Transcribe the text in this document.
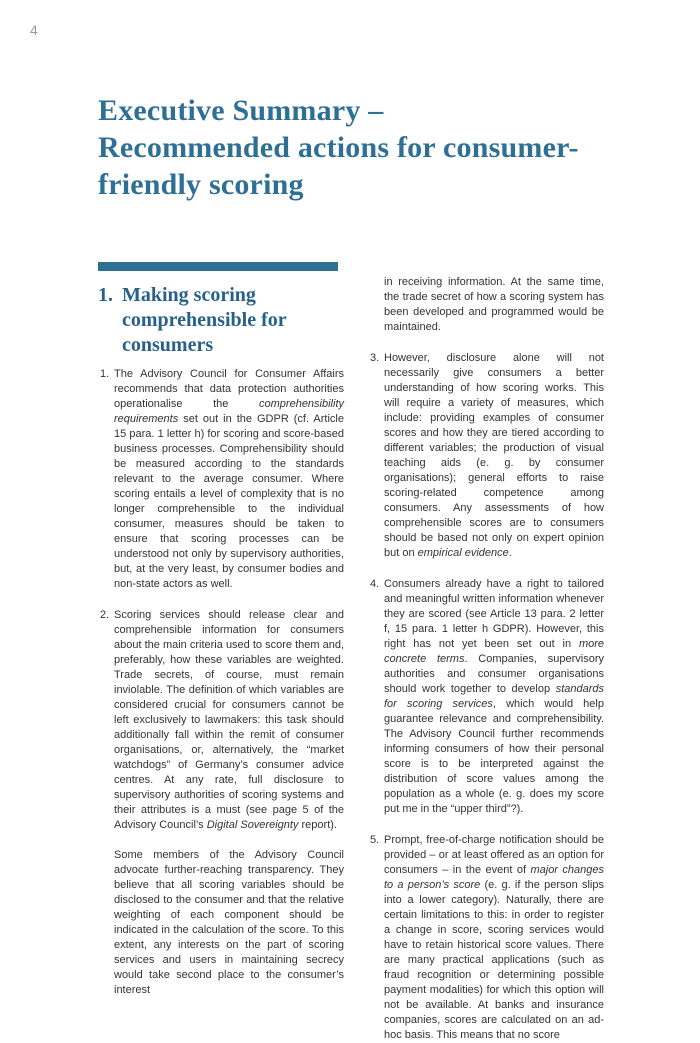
4
Executive Summary –
Recommended actions for consumer-
friendly scoring
1. Making scoring comprehensible for consumers
1. The Advisory Council for Consumer Affairs recommends that data protection authorities operationalise the comprehensibility requirements set out in the GDPR (cf. Article 15 para. 1 letter h) for scoring and score-based business processes. Comprehensibility should be measured according to the standards relevant to the average consumer. Where scoring entails a level of complexity that is no longer comprehensible to the individual consumer, measures should be taken to ensure that scoring processes can be understood not only by supervisory authorities, but, at the very least, by consumer bodies and non-state actors as well.

2. Scoring services should release clear and comprehensible information for consumers about the main criteria used to score them and, preferably, how these variables are weighted. Trade secrets, of course, must remain inviolable. The definition of which variables are considered crucial for consumers cannot be left exclusively to lawmakers: this task should additionally fall within the remit of consumer organisations, or, alternatively, the “market watchdogs” of Germany’s consumer advice centres. At any rate, full disclosure to supervisory authorities of scoring systems and their attributes is a must (see page 5 of the Advisory Council’s Digital Sovereignty report).

Some members of the Advisory Council advocate further-reaching transparency. They believe that all scoring variables should be disclosed to the consumer and that the relative weighting of each component should be indicated in the calculation of the score. To this extent, any interests on the part of scoring services and users in maintaining secrecy would take second place to the consumer’s interest

in receiving information. At the same time, the trade secret of how a scoring system has been developed and programmed would be maintained.

3. However, disclosure alone will not necessarily give consumers a better understanding of how scoring works. This will require a variety of measures, which include: providing examples of consumer scores and how they are tiered according to different variables; the production of visual teaching aids (e. g. by consumer organisations); general efforts to raise scoring-related competence among consumers. Any assessments of how comprehensible scores are to consumers should be based not only on expert opinion but on empirical evidence.

4. Consumers already have a right to tailored and meaningful written information whenever they are scored (see Article 13 para. 2 letter f, 15 para. 1 letter h GDPR). However, this right has not yet been set out in more concrete terms. Companies, supervisory authorities and consumer organisations should work together to develop standards for scoring services, which would help guarantee relevance and comprehensibility. The Advisory Council further recommends informing consumers of how their personal score is to be interpreted against the distribution of score values among the population as a whole (e. g. does my score put me in the “upper third”?).

5. Prompt, free-of-charge notification should be provided – or at least offered as an option for consumers – in the event of major changes to a person’s score (e. g. if the person slips into a lower category). Naturally, there are certain limitations to this: in order to register a change in score, scoring services would have to retain historical score values. There are many practical applications (such as fraud recognition or determining possible payment modalities) for which this option will not be available. At banks and insurance companies, scores are calculated on an ad-hoc basis. This means that no score
